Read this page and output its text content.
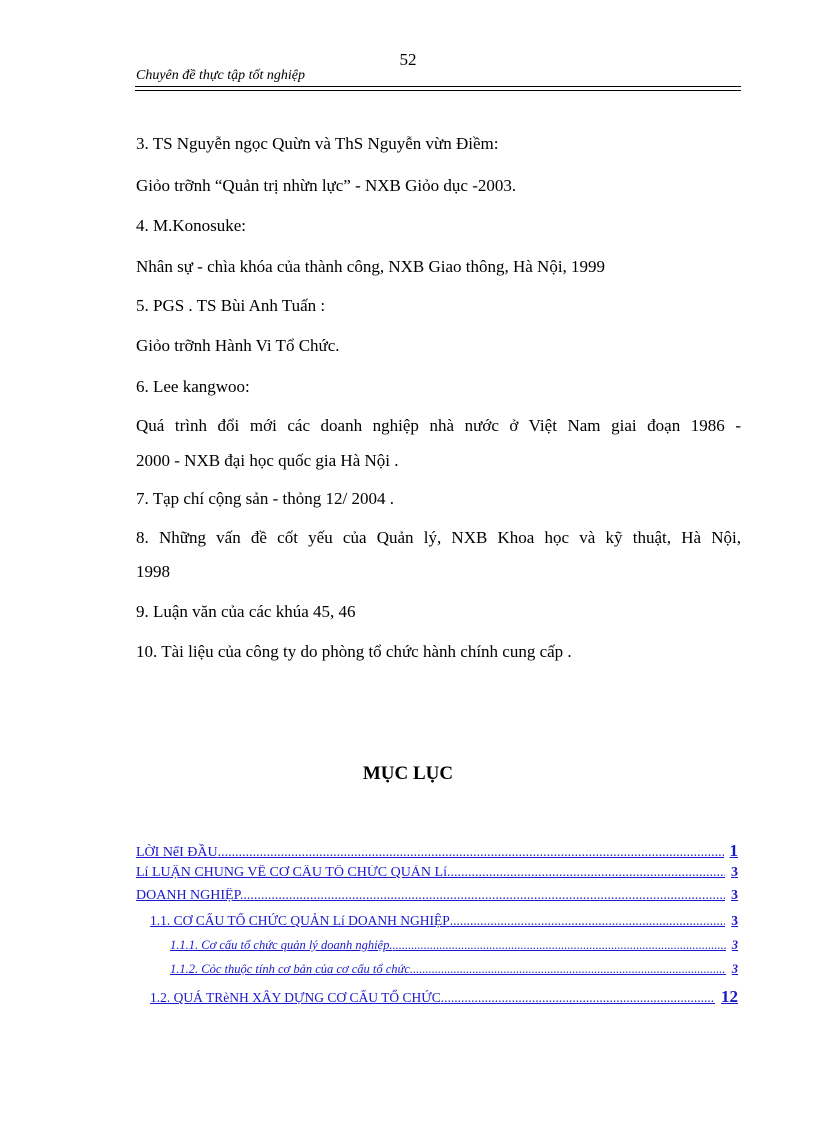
52
Chuyên đề thực tập tốt nghiệp
3. TS Nguyễn ngọc Quừn và ThS Nguyễn vừn Điềm:
Giỏo trỡnh “Quản trị nhừn lực” - NXB Giỏo dục -2003.
4. M.Konosuke:
Nhân sự - chìa khóa của thành công, NXB Giao thông, Hà Nội, 1999
5. PGS . TS Bùi Anh Tuấn :
Giỏo trỡnh Hành Vi Tổ Chức.
6. Lee kangwoo:
Quá trình đổi mới các doanh nghiệp nhà nước ở Việt Nam giai đoạn 1986 -
2000 - NXB đại học quốc gia Hà Nội .
7. Tạp chí cộng sản - thỏng 12/ 2004 .
8. Những vấn đề cốt yếu của Quản lý, NXB Khoa học và kỹ thuật, Hà Nội,
1998
9. Luận văn của các khúa 45, 46
10. Tài liệu của công ty do phòng tổ chức hành chính cung cấp .
MỤC LỤC
LỜI NểI ĐẦU .....	1
Lí LUẬN CHUNG VỀ CƠ CẤU TỔ CHỨC QUẢN Lí .....	3
DOANH NGHIỆP. .....	3
1.1. CƠ CẤU TỔ CHỨC QUẢN Lí DOANH NGHIỆP .....	3
1.1.1. Cơ cấu tổ chức quản lý doanh nghiệp. .....	3
1.1.2. Cỏc thuộc tính cơ bản của cơ cấu tổ chức. .....	3
1.2. QUÁ TRèNH XÂY DỰNG CƠ CẤU TỔ CHỨC .....	12
